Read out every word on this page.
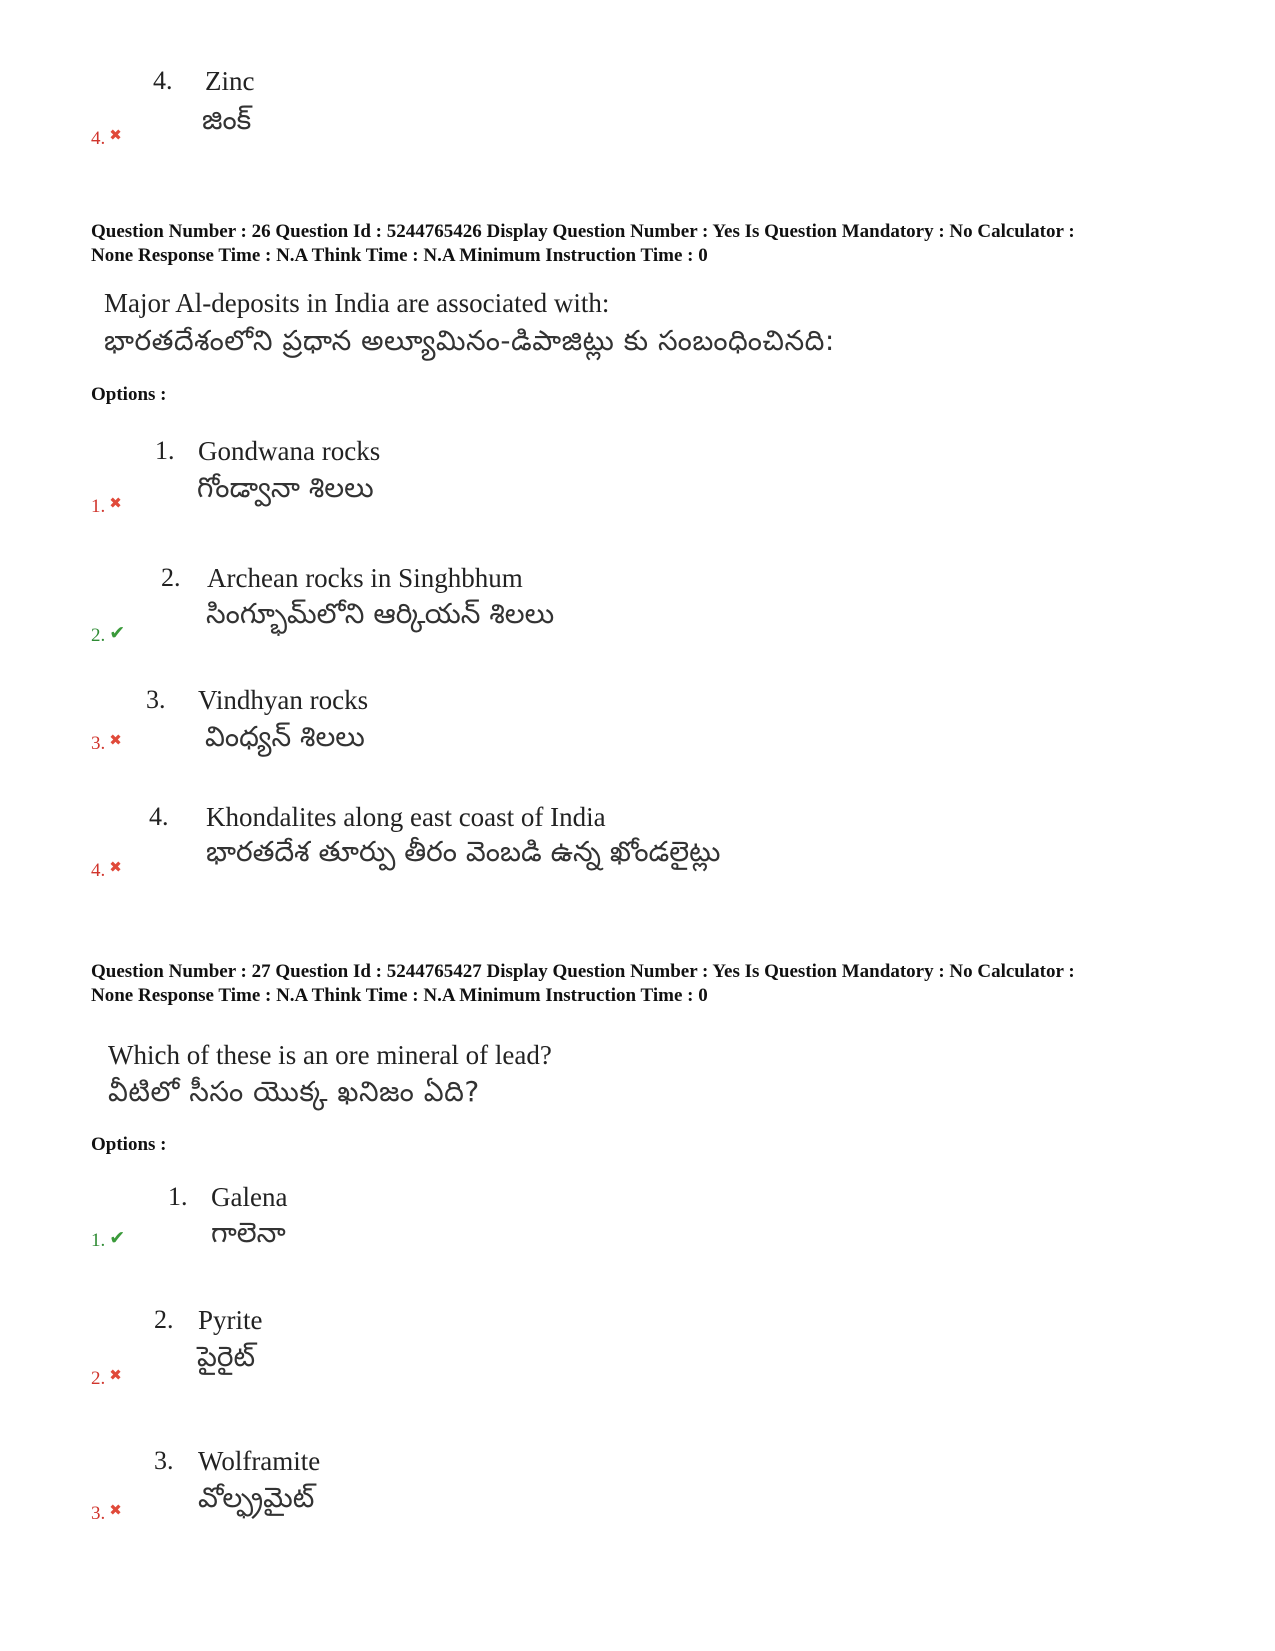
4. Zinc
జింక్
4. ✖
Question Number : 26 Question Id : 5244765426 Display Question Number : Yes Is Question Mandatory : No Calculator :
None Response Time : N.A Think Time : N.A Minimum Instruction Time : 0
Major Al-deposits in India are associated with:
భారతదేశంలోని ప్రధాన అల్యూమినం-డిపాజిట్లు కు సంబంధించినది:
Options :
1. Gondwana rocks
గోండ్వానా శిలలు
1. ✖
2. Archean rocks in Singhbhum
సింగ్భూమ్‌లోని ఆర్కియన్ శిలలు
2. ✔
3. Vindhyan rocks
వింధ్యన్ శిలలు
3. ✖
4. Khondalites along east coast of India
భారతదేశ తూర్పు తీరం వెంబడి ఉన్న ఖోండలైట్లు
4. ✖
Question Number : 27 Question Id : 5244765427 Display Question Number : Yes Is Question Mandatory : No Calculator :
None Response Time : N.A Think Time : N.A Minimum Instruction Time : 0
Which of these is an ore mineral of lead?
వీటిలో సీసం యొక్క ఖనిజం ఏది?
Options :
1. Galena
గాలెనా
1. ✔
2. Pyrite
పైరైట్
2. ✖
3. Wolframite
వోల్ఫ్రమైట్
3. ✖
